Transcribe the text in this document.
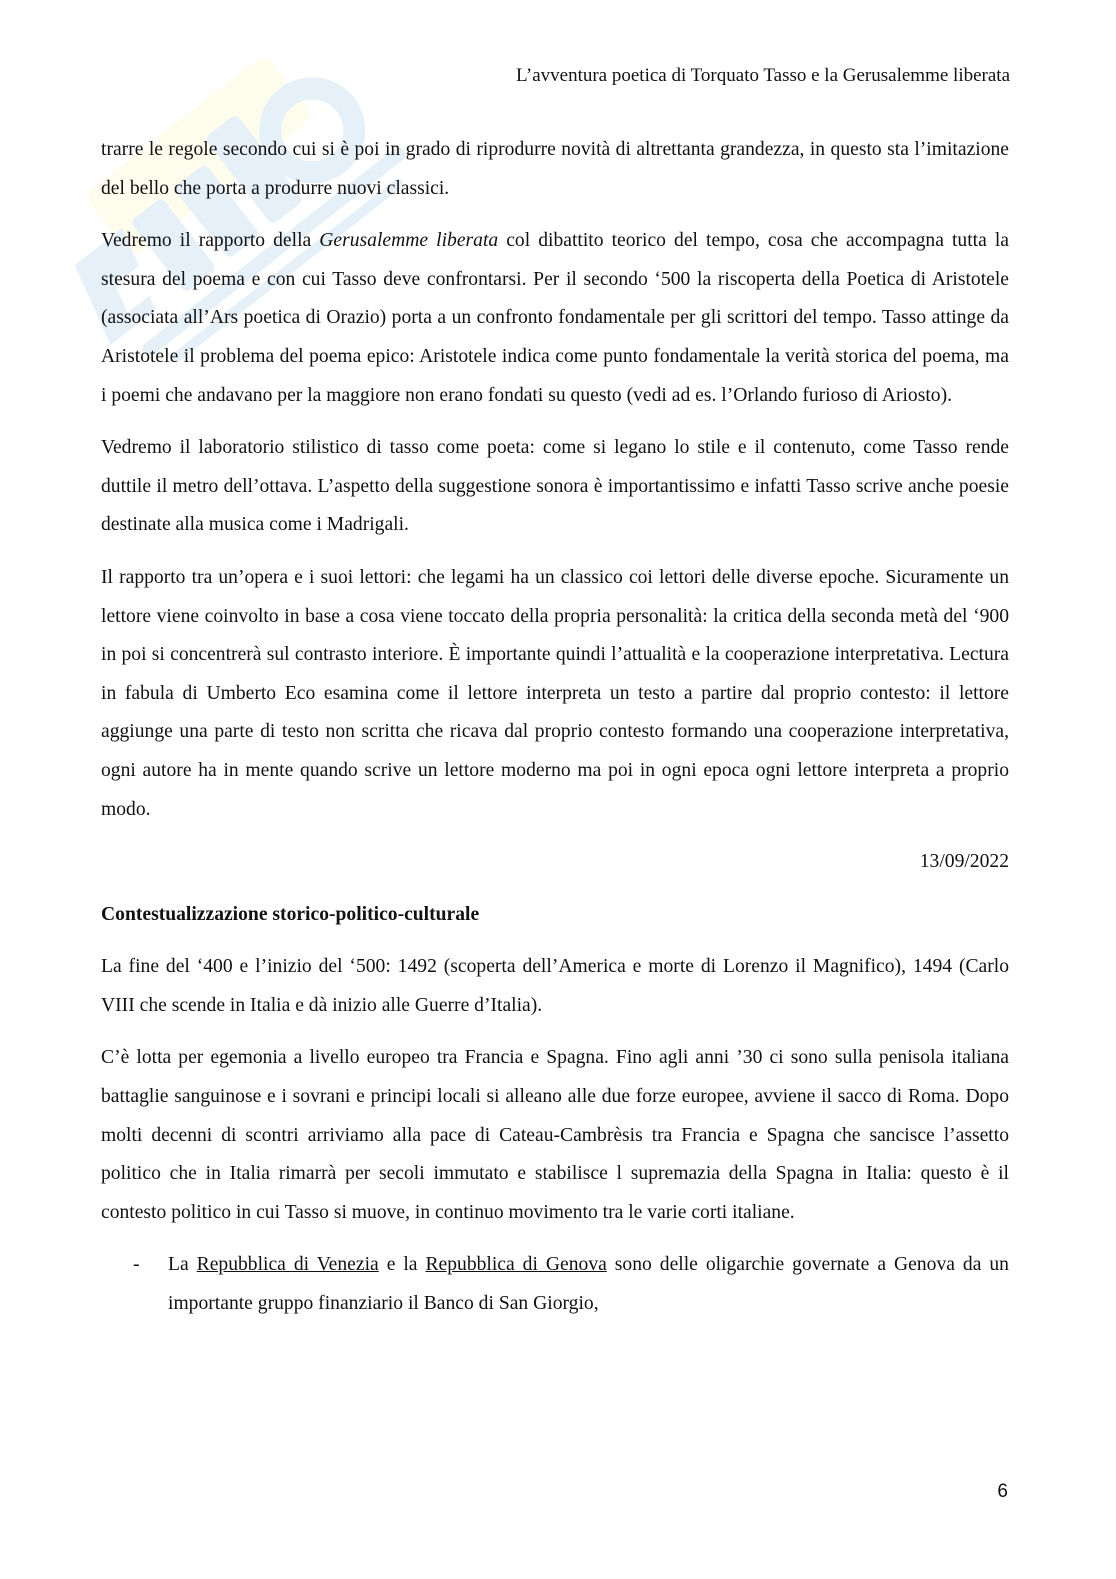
L’avventura poetica di Torquato Tasso e la Gerusalemme liberata

trarre le regole secondo cui si è poi in grado di riprodurre novità di altrettanta grandezza, in questo sta l’imitazione del bello che porta a produrre nuovi classici.

Vedremo il rapporto della Gerusalemme liberata col dibattito teorico del tempo, cosa che accompagna tutta la stesura del poema e con cui Tasso deve confrontarsi. Per il secondo ‘500 la riscoperta della Poetica di Aristotele (associata all’Ars poetica di Orazio) porta a un confronto fondamentale per gli scrittori del tempo. Tasso attinge da Aristotele il problema del poema epico: Aristotele indica come punto fondamentale la verità storica del poema, ma i poemi che andavano per la maggiore non erano fondati su questo (vedi ad es. l’Orlando furioso di Ariosto).

Vedremo il laboratorio stilistico di tasso come poeta: come si legano lo stile e il contenuto, come Tasso rende duttile il metro dell’ottava. L’aspetto della suggestione sonora è importantissimo e infatti Tasso scrive anche poesie destinate alla musica come i Madrigali.

Il rapporto tra un’opera e i suoi lettori: che legami ha un classico coi lettori delle diverse epoche. Sicuramente un lettore viene coinvolto in base a cosa viene toccato della propria personalità: la critica della seconda metà del ‘900 in poi si concentrerà sul contrasto interiore. È importante quindi l’attualità e la cooperazione interpretativa. Lectura in fabula di Umberto Eco esamina come il lettore interpreta un testo a partire dal proprio contesto: il lettore aggiunge una parte di testo non scritta che ricava dal proprio contesto formando una cooperazione interpretativa, ogni autore ha in mente quando scrive un lettore moderno ma poi in ogni epoca ogni lettore interpreta a proprio modo.

13/09/2022

Contestualizzazione storico-politico-culturale

La fine del ‘400 e l’inizio del ‘500: 1492 (scoperta dell’America e morte di Lorenzo il Magnifico), 1494 (Carlo VIII che scende in Italia e dà inizio alle Guerre d’Italia).

C’è lotta per egemonia a livello europeo tra Francia e Spagna. Fino agli anni ’30 ci sono sulla penisola italiana battaglie sanguinose e i sovrani e principi locali si alleano alle due forze europee, avviene il sacco di Roma. Dopo molti decenni di scontri arriviamo alla pace di Cateau-Cambrèsis tra Francia e Spagna che sancisce l’assetto politico che in Italia rimarrà per secoli immutato e stabilisce l supremazia della Spagna in Italia: questo è il contesto politico in cui Tasso si muove, in continuo movimento tra le varie corti italiane.

- La Repubblica di Venezia e la Repubblica di Genova sono delle oligarchie governate a Genova da un importante gruppo finanziario il Banco di San Giorgio,
6
